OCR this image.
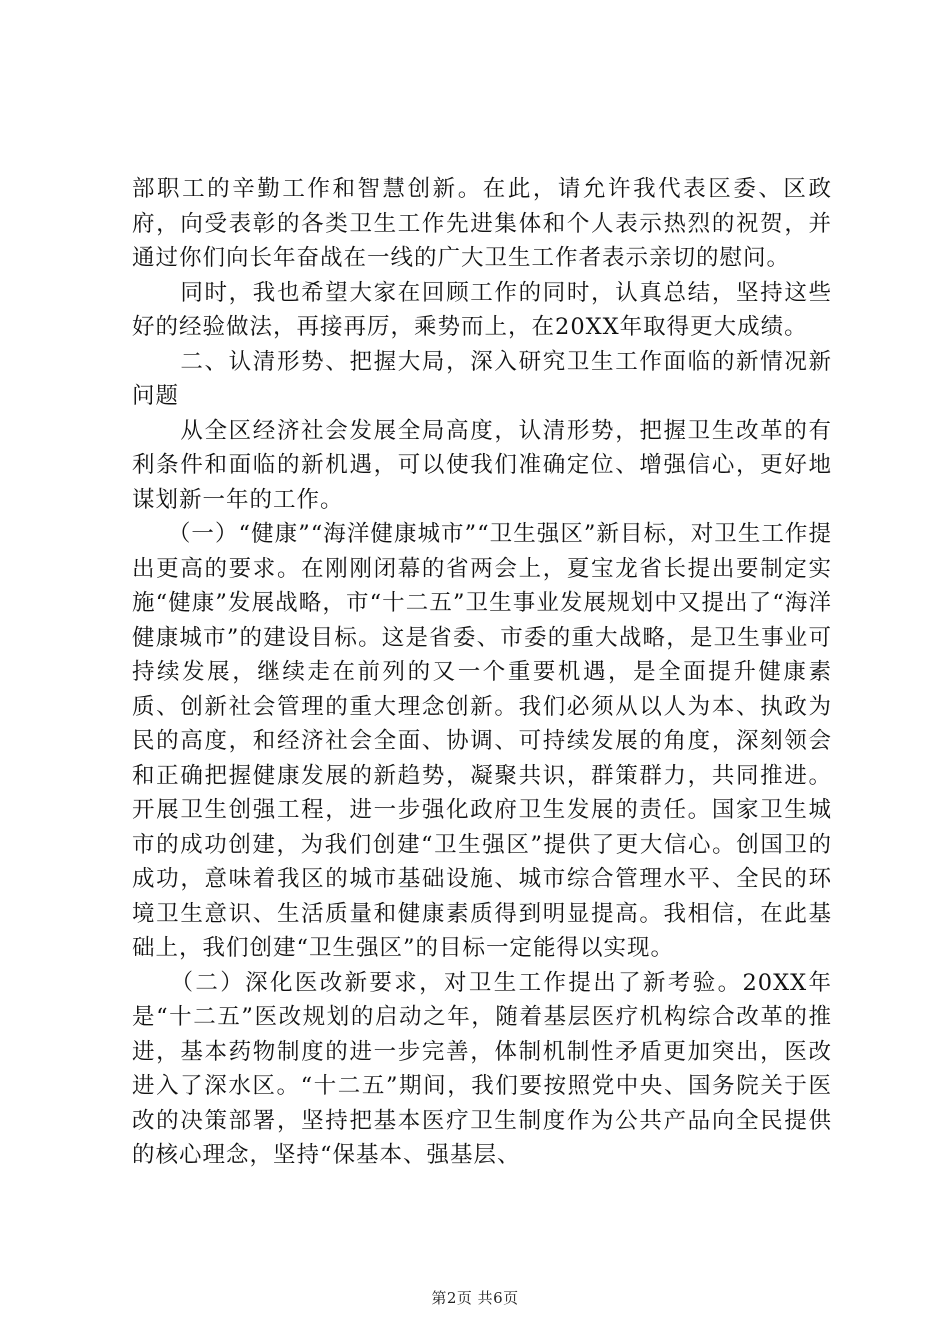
部职工的辛勤工作和智慧创新。在此，请允许我代表区委、区政府，向受表彰的各类卫生工作先进集体和个人表示热烈的祝贺，并通过你们向长年奋战在一线的广大卫生工作者表示亲切的慰问。

　　同时，我也希望大家在回顾工作的同时，认真总结，坚持这些好的经验做法，再接再厉，乘势而上，在20XX年取得更大成绩。

　　二、认清形势、把握大局，深入研究卫生工作面临的新情况新问题

　　从全区经济社会发展全局高度，认清形势，把握卫生改革的有利条件和面临的新机遇，可以使我们准确定位、增强信心，更好地谋划新一年的工作。

　　（一）“健康”“海洋健康城市”“卫生强区”新目标，对卫生工作提出更高的要求。在刚刚闭幕的省两会上，夏宝龙省长提出要制定实施“健康”发展战略，市“十二五”卫生事业发展规划中又提出了“海洋健康城市”的建设目标。这是省委、市委的重大战略，是卫生事业可持续发展，继续走在前列的又一个重要机遇，是全面提升健康素质、创新社会管理的重大理念创新。我们必须从以人为本、执政为民的高度，和经济社会全面、协调、可持续发展的角度，深刻领会和正确把握健康发展的新趋势，凝聚共识，群策群力，共同推进。开展卫生创强工程，进一步强化政府卫生发展的责任。国家卫生城市的成功创建，为我们创建“卫生强区”提供了更大信心。创国卫的成功，意味着我区的城市基础设施、城市综合管理水平、全民的环境卫生意识、生活质量和健康素质得到明显提高。我相信，在此基础上，我们创建“卫生强区”的目标一定能得以实现。

　　（二）深化医改新要求，对卫生工作提出了新考验。20XX年是“十二五”医改规划的启动之年，随着基层医疗机构综合改革的推进，基本药物制度的进一步完善，体制机制性矛盾更加突出，医改进入了深水区。“十二五”期间，我们要按照党中央、国务院关于医改的决策部署，坚持把基本医疗卫生制度作为公共产品向全民提供的核心理念，坚持“保基本、强基层、

第2页 共6页
